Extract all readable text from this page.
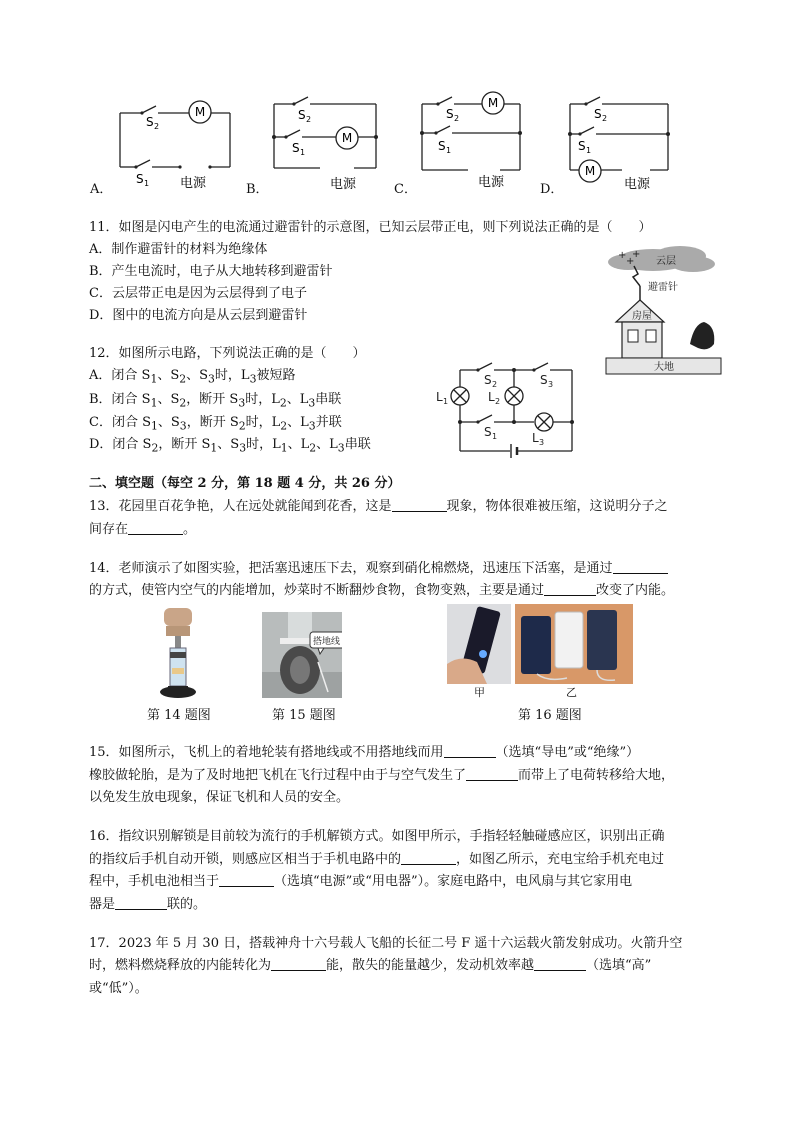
M
S 2
S 1 电源
A．
M
S 2
S 1
电源
B．
M
S 2
S 1
电源
C．
M
S 2
S 1
电源
D．
11．如图是闪电产生的电流通过避雷针的示意图，已知云层带正电，则下列说法正确的是（　　）
A．制作避雷针的材料为绝缘体
B．产生电流时，电子从大地转移到避雷针
C．云层带正电是因为云层得到了电子
D．图中的电流方向是从云层到避雷针
+
+
+
云层
避雷针
房屋
大地
12．如图所示电路，下列说法正确的是（　　）
A．闭合 $S_1$、$S_2$、$S_3$时，$L_3$被短路
B．闭合 $S_1$、$S_2$，断开 $S_3$时，$L_2$、$L_3$串联
C．闭合 $S_1$、$S_3$，断开 $S_2$时，$L_2$、$L_3$并联
D．闭合 $S_2$，断开 $S_1$、$S_3$时，$L_1$、$L_2$、$L_3$串联
L 1	L 2
L 3
S 2	S 3
S 1
二、填空题（每空 2 分，第 18 题 4 分，共 26 分）
13．花园里百花争艳，人在远处就能闻到花香，这是	现象，物体很难被压缩，这说明分子之
间存在	。
14．老师演示了如图实验，把活塞迅速压下去，观察到硝化棉燃烧，迅速压下活塞，是通过
的方式，使管内空气的内能增加，炒菜时不断翻炒食物，食物变熟，主要是通过	改变了内能。
搭地线
甲	乙
第 14 题图	第 15 题图	第 16 题图
15．如图所示，飞机上的着地轮装有搭地线或不用搭地线而用	（选填“导电”或“绝缘”）
橡胶做轮胎，是为了及时地把飞机在飞行过程中由于与空气发生了	而带上了电荷转移给大地，
以免发生放电现象，保证飞机和人员的安全。
16．指纹识别解锁是目前较为流行的手机解锁方式。如图甲所示，手指轻轻触碰感应区，识别出正确
的指纹后手机自动开锁，则感应区相当于手机电路中的	，如图乙所示，充电宝给手机充电过
程中，手机电池相当于	（选填“电源”或“用电器”）。家庭电路中，电风扇与其它家用电
器是	联的。
17．2023 年 5 月 30 日，搭载神舟十六号载人飞船的长征二号 F 遥十六运载火箭发射成功。火箭升空
时，燃料燃烧释放的内能转化为	能，散失的能量越少，发动机效率越	（选填“高”
或“低”）。
